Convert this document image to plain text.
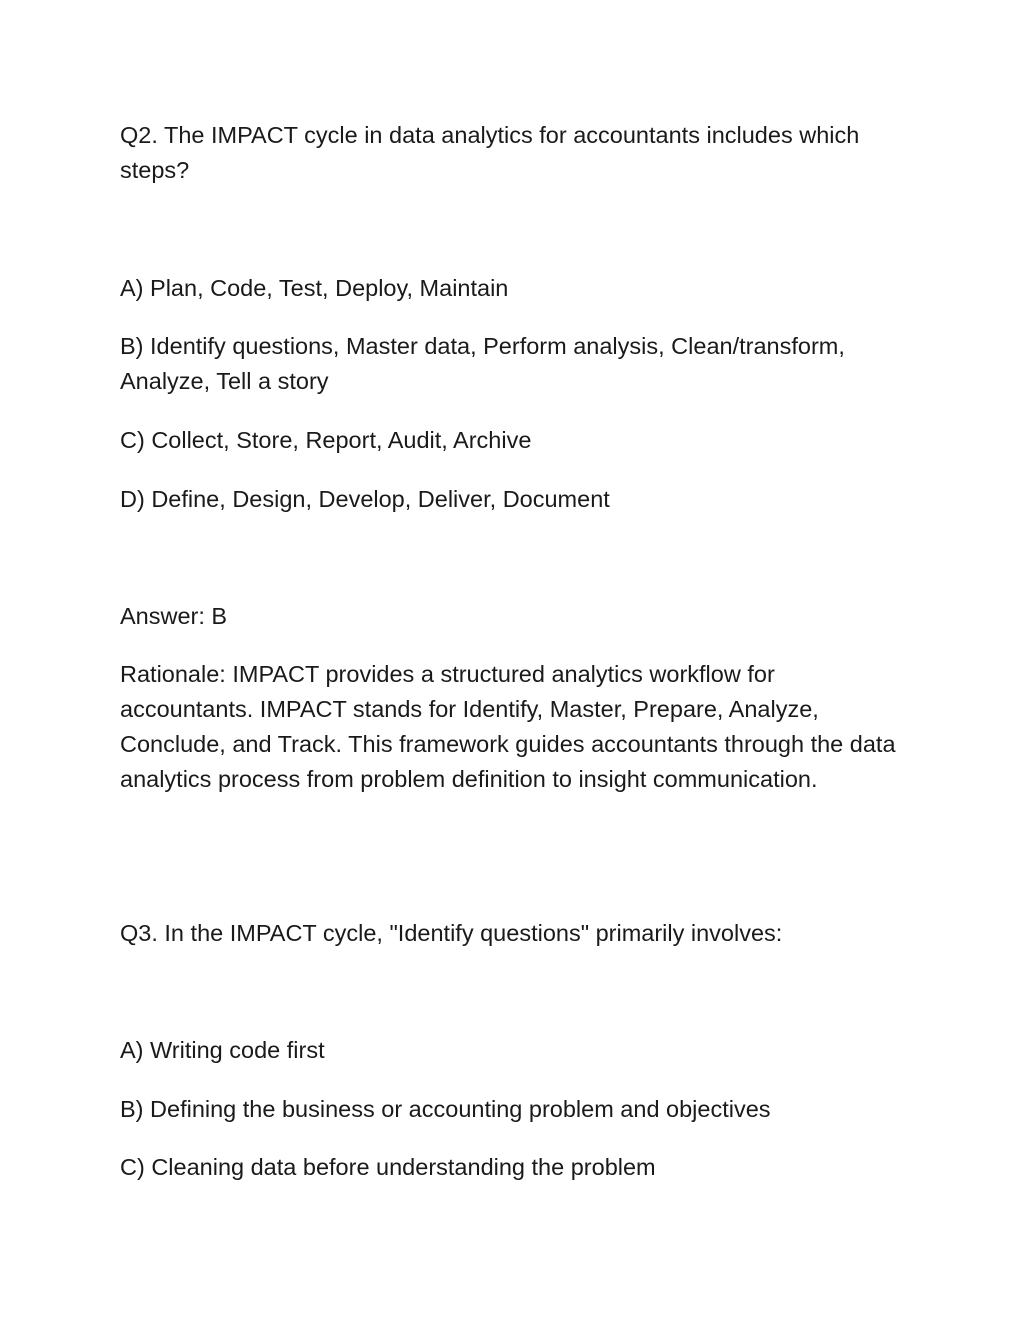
Q2. The IMPACT cycle in data analytics for accountants includes which steps?

A) Plan, Code, Test, Deploy, Maintain

B) Identify questions, Master data, Perform analysis, Clean/transform, Analyze, Tell a story

C) Collect, Store, Report, Audit, Archive

D) Define, Design, Develop, Deliver, Document

Answer: B

Rationale: IMPACT provides a structured analytics workflow for accountants. IMPACT stands for Identify, Master, Prepare, Analyze, Conclude, and Track. This framework guides accountants through the data analytics process from problem definition to insight communication.

Q3. In the IMPACT cycle, "Identify questions" primarily involves:

A) Writing code first

B) Defining the business or accounting problem and objectives

C) Cleaning data before understanding the problem
